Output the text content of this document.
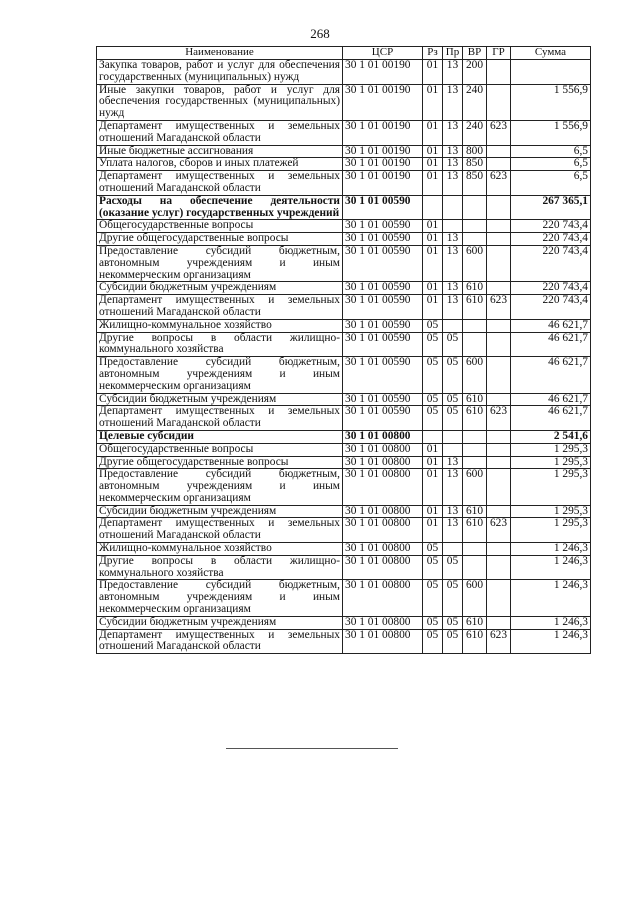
268
Наименование	ЦСР	Рз	Пр	ВР	ГР	Сумма
Закупка товаров, работ и услуг для обеспечения государственных (муниципальных) нужд	30 1 01 00190	01	13	200		
Иные закупки товаров, работ и услуг для обеспечения государственных (муниципальных) нужд	30 1 01 00190	01	13	240		1 556,9
Департамент имущественных и земельных отношений Магаданской области	30 1 01 00190	01	13	240	623	1 556,9
Иные бюджетные ассигнования	30 1 01 00190	01	13	800		6,5
Уплата налогов, сборов и иных платежей	30 1 01 00190	01	13	850		6,5
Департамент имущественных и земельных отношений Магаданской области	30 1 01 00190	01	13	850	623	6,5
Расходы на обеспечение деятельности (оказание услуг) государственных учреждений	30 1 01 00590					267 365,1
Общегосударственные вопросы	30 1 01 00590	01				220 743,4
Другие общегосударственные вопросы	30 1 01 00590	01	13			220 743,4
Предоставление субсидий бюджетным, автономным учреждениям и иным некоммерческим организациям	30 1 01 00590	01	13	600		220 743,4
Субсидии бюджетным учреждениям	30 1 01 00590	01	13	610		220 743,4
Департамент имущественных и земельных отношений Магаданской области	30 1 01 00590	01	13	610	623	220 743,4
Жилищно-коммунальное хозяйство	30 1 01 00590	05				46 621,7
Другие вопросы в области жилищно-коммунального хозяйства	30 1 01 00590	05	05			46 621,7
Предоставление субсидий бюджетным, автономным учреждениям и иным некоммерческим организациям	30 1 01 00590	05	05	600		46 621,7
Субсидии бюджетным учреждениям	30 1 01 00590	05	05	610		46 621,7
Департамент имущественных и земельных отношений Магаданской области	30 1 01 00590	05	05	610	623	46 621,7
Целевые субсидии	30 1 01 00800					2 541,6
Общегосударственные вопросы	30 1 01 00800	01				1 295,3
Другие общегосударственные вопросы	30 1 01 00800	01	13			1 295,3
Предоставление субсидий бюджетным, автономным учреждениям и иным некоммерческим организациям	30 1 01 00800	01	13	600		1 295,3
Субсидии бюджетным учреждениям	30 1 01 00800	01	13	610		1 295,3
Департамент имущественных и земельных отношений Магаданской области	30 1 01 00800	01	13	610	623	1 295,3
Жилищно-коммунальное хозяйство	30 1 01 00800	05				1 246,3
Другие вопросы в области жилищно-коммунального хозяйства	30 1 01 00800	05	05			1 246,3
Предоставление субсидий бюджетным, автономным учреждениям и иным некоммерческим организациям	30 1 01 00800	05	05	600		1 246,3
Субсидии бюджетным учреждениям	30 1 01 00800	05	05	610		1 246,3
Департамент имущественных и земельных отношений Магаданской области	30 1 01 00800	05	05	610	623	1 246,3
